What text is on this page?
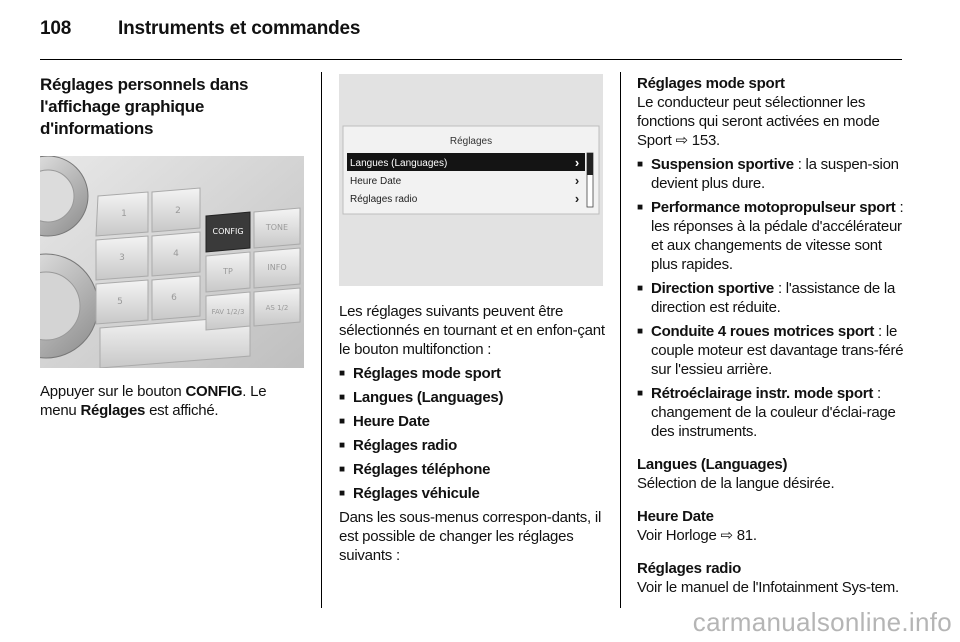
108 Instruments et commandes
Réglages personnels dans
l'affichage graphique
d'informations
1	2
3	4
5	6
CONFIG	TONE
TP	INFO
FAV 1/2/3	AS 1/2

Appuyer sur le bouton CONFIG. Le menu Réglages est affiché.

Réglages
Langues (Languages)	›
Heure Date	›
Réglages radio	›

Les réglages suivants peuvent être sélectionnés en tournant et en enfon-çant le bouton multifonction :

■ Réglages mode sport
■ Langues (Languages)
■ Heure Date
■ Réglages radio
■ Réglages téléphone
■ Réglages véhicule

Dans les sous-menus correspon-dants, il est possible de changer les réglages suivants :

Réglages mode sport

Le conducteur peut sélectionner les fonctions qui seront activées en mode Sport ⇨ 153.

■ Suspension sportive : la suspen-sion devient plus dure.
■ Performance motopropulseur sport : les réponses à la pédale d'accélérateur et aux changements de vitesse sont plus rapides.
■ Direction sportive : l'assistance de la direction est réduite.
■ Conduite 4 roues motrices sport : le couple moteur est davantage trans-féré sur l'essieu arrière.
■ Rétroéclairage instr. mode sport : changement de la couleur d'éclai-rage des instruments.
Langues (Languages)

Sélection de la langue désirée.

Heure Date

Voir Horloge ⇨ 81.

Réglages radio

Voir le manuel de l'Infotainment Sys-tem.

carmanualsonline.info
